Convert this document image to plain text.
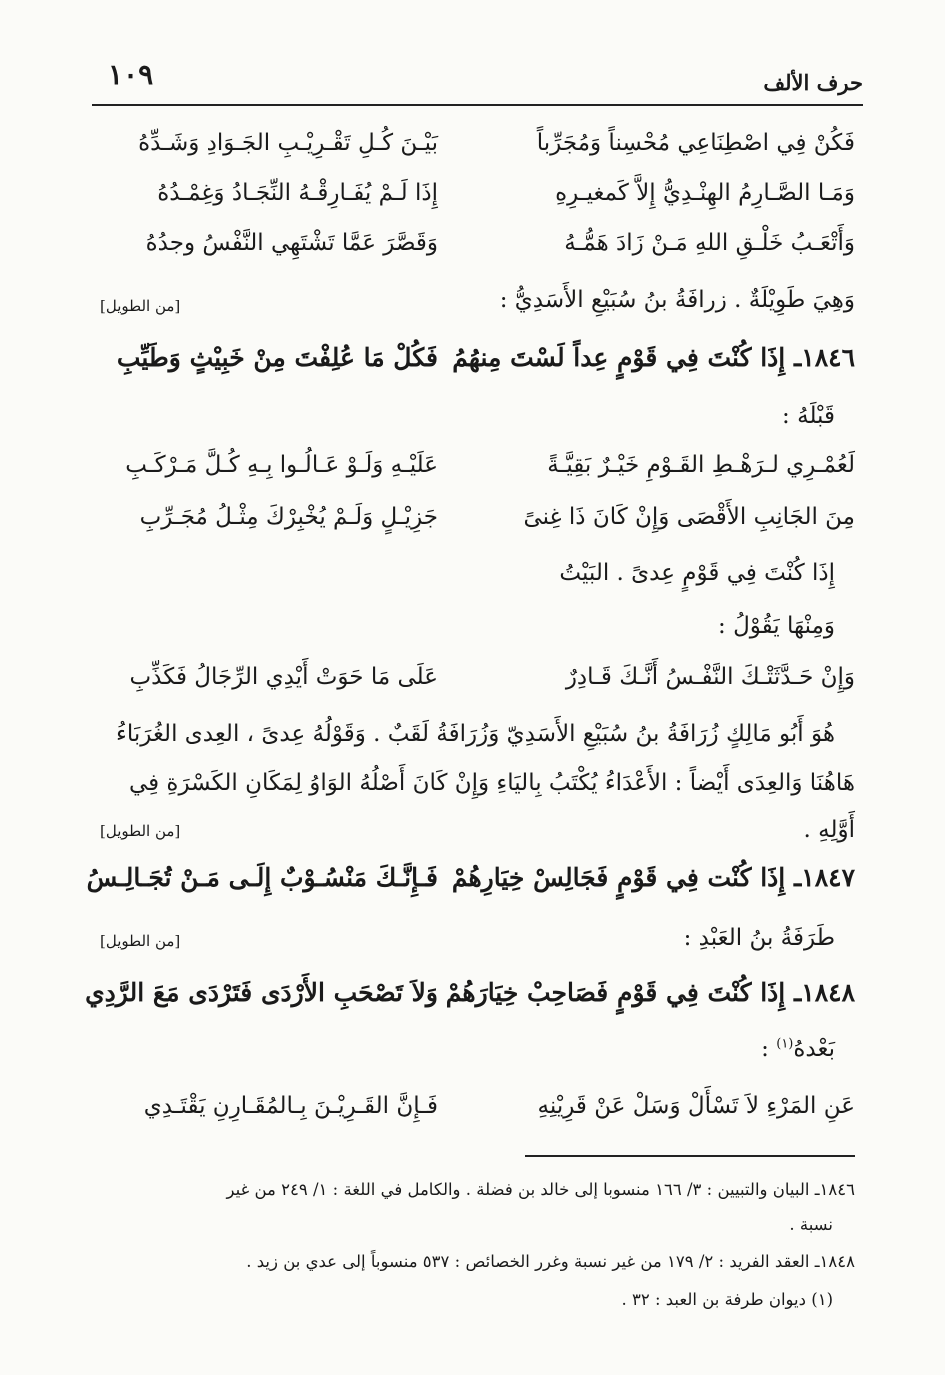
حرف الألف
١٠٩
فَكُنْ فِي اصْطِنَاعِي مُحْسِناً وَمُجَرِّباً
بَيْـنَ كُـلِ تَقْـرِيْـبِ الجَـوَادِ وَشَـدِّهُ
وَمَـا الصَّـارِمُ الهِنْـدِيُّ إِلاَّ كَمغيـرِهِ
إِذَا لَـمْ يُفَـارِقْـهُ النِّجَـادُ وَغِمْـدُهُ
وَأَتْعَـبُ خَلْـقِ اللهِ مَـنْ زَادَ هَمُّـهُ
وَقَصَّرَ عَمَّا تَشْتَهِي النَّفْسُ وجدُهُ
وَهِيَ طَوِيْلَةٌ . زرافَةُ بنُ سُبَيْعِ الأَسَدِيُّ :
[من الطويل]
١٨٤٦ـ إِذَا كُنْتَ فِي قَوْمٍ عِداً لَسْتَ مِنهُمُ
فَكُلْ مَا عُلِفْتَ مِنْ خَبِيْثٍ وَطَيِّبِ
قَبْلَهُ :
لَعُمْـرِي لـرَهْـطِ القَـوْمِ خَيْـرٌ بَقِيَّـةً
عَلَيْـهِ وَلَـوْ عَـالُـوا بِـهِ كُـلَّ مَـرْكَـبِ
مِنَ الجَانِبِ الأَقْصَى وَإِنْ كَانَ ذَا غِنىً
جَزِيْـلٍ وَلَـمْ يُخْبِرْكَ مِثْـلُ مُجَـرِّبِ
إِذَا كُنْتَ فِي قَوْمٍ عِدىً . البَيْتُ
وَمِنْهَا يَقُوْلُ :
وَإِنْ حَـدَّثَتْـكَ النَّفْـسُ أَنَّـكَ قَـادِرٌ
عَلَى مَا حَوَتْ أَيْدِي الرِّجَالُ فَكَذِّبِ
هُوَ أَبُو مَالِكٍ زُرَافَةُ بنُ سُبَيْعِ الأَسَدِيّ وَزُرَافَةُ لَقَبٌ . وَقَوْلُهُ عِدىً ، العِدى الغُرَبَاءُ
هَاهُنَا وَالعِدَى أَيْضاً : الأَعْدَاءُ يُكْتَبُ بِاليَاءِ وَإِنْ كَانَ أَصْلُهُ الوَاوُ لِمَكَانِ الكَسْرَةِ فِي
أَوَّلِهِ .
[من الطويل]
١٨٤٧ـ إِذَا كُنْت فِي قَوْمٍ فَجَالِسْ خِيَارِهُمْ
فَـإِنَّـكَ مَنْسُـوْبٌ إِلَـى مَـنْ تُجَـالِـسُ
طَرَفَةُ بنُ العَبْدِ :
[من الطويل]
١٨٤٨ـ إِذَا كُنْتَ فِي قَوْمٍ فَصَاحِبْ خِيَارَهُمْ
وَلاَ تَصْحَبِ الأَرْدَى فَتَرْدَى مَعَ الرَّدِي
بَعْدهُ$^{(١)}$ :
عَنِ المَرْءِ لاَ تَسْأَلْ وَسَلْ عَنْ قَرِيْنِهِ
فَـإِنَّ القَـرِيْـنَ بِـالمُقَـارِنِ يَقْتَـدِي
١٨٤٦ـ البيان والتبيين : ٣/ ١٦٦ منسوبا إلى خالد بن فضلة . والكامل في اللغة : ١/ ٢٤٩ من غير
نسبة .
١٨٤٨ـ العقد الفريد : ٢/ ١٧٩ من غير نسبة وغرر الخصائص : ٥٣٧ منسوباً إلى عدي بن زيد .
(١) ديوان طرفة بن العبد : ٣٢ .
